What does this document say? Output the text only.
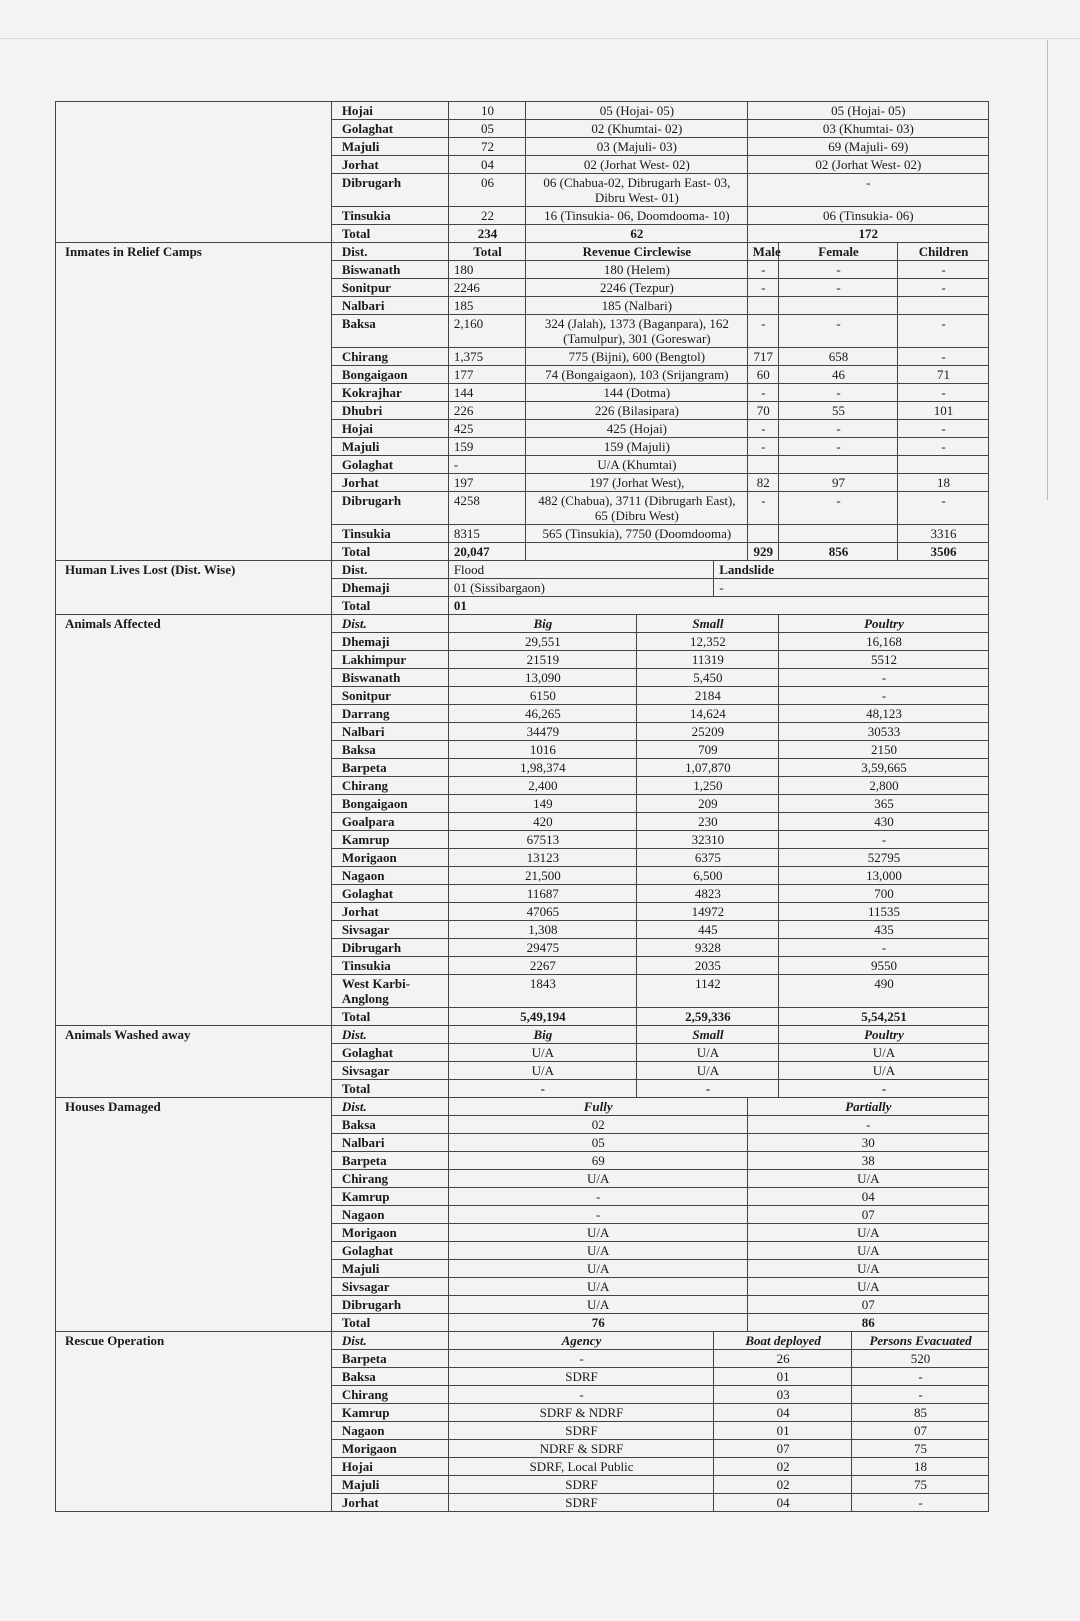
	Hojai	10	05 (Hojai- 05)			05 (Hojai- 05)			
	Golaghat	05	02 (Khumtai- 02)			03 (Khumtai- 03)			
	Majuli	72	03 (Majuli- 03)			69 (Majuli- 69)			
	Jorhat	04	02 (Jorhat West- 02)			02 (Jorhat West- 02)			
	Dibrugarh	06	06 (Chabua-02, Dibrugarh East- 03, Dibru West- 01)			-			
	Tinsukia	22	16 (Tinsukia- 06, Doomdooma- 10)			06 (Tinsukia- 06)			
	Total	234	62			172			
Inmates in Relief Camps	Dist.	Total	Revenue Circlewise			Male	Female		Children
	Biswanath	180	180 (Helem)			-	-		-
	Sonitpur	2246	2246 (Tezpur)			-	-		-
	Nalbari	185	185 (Nalbari)						
	Baksa	2,160	324 (Jalah), 1373 (Baganpara), 162 (Tamulpur), 301 (Goreswar)			-	-		-
	Chirang	1,375	775 (Bijni), 600 (Bengtol)			717	658		-
	Bongaigaon	177	74 (Bongaigaon), 103 (Srijangram)			60	46		71
	Kokrajhar	144	144 (Dotma)			-	-		-
	Dhubri	226	226 (Bilasipara)			70	55		101
	Hojai	425	425 (Hojai)			-	-		-
	Majuli	159	159 (Majuli)			-	-		-
	Golaghat	-	U/A (Khumtai)						
	Jorhat	197	197 (Jorhat West),			82	97		18
	Dibrugarh	4258	482 (Chabua), 3711 (Dibrugarh East), 65 (Dibru West)			-	-		-
	Tinsukia	8315	565 (Tinsukia), 7750 (Doomdooma)						3316
	Total	20,047				929	856		3506
Human Lives Lost (Dist. Wise)	Dist.	Flood			Landslide				
	Dhemaji	01 (Sissibargaon)			-				
	Total	01							
Animals Affected	Dist.	Big		Small			Poultry		
	Dhemaji	29,551		12,352			16,168		
	Lakhimpur	21519		11319			5512		
	Biswanath	13,090		5,450			-		
	Sonitpur	6150		2184			-		
	Darrang	46,265		14,624			48,123		
	Nalbari	34479		25209			30533		
	Baksa	1016		709			2150		
	Barpeta	1,98,374		1,07,870			3,59,665		
	Chirang	2,400		1,250			2,800		
	Bongaigaon	149		209			365		
	Goalpara	420		230			430		
	Kamrup	67513		32310			-		
	Morigaon	13123		6375			52795		
	Nagaon	21,500		6,500			13,000		
	Golaghat	11687		4823			700		
	Jorhat	47065		14972			11535		
	Sivsagar	1,308		445			435		
	Dibrugarh	29475		9328			-		
	Tinsukia	2267		2035			9550		
	West Karbi-Anglong	1843		1142			490		
	Total	5,49,194		2,59,336			5,54,251		
Animals Washed away	Dist.	Big		Small			Poultry		
	Golaghat	U/A		U/A			U/A		
	Sivsagar	U/A		U/A			U/A		
	Total	-		-			-		
Houses Damaged	Dist.	Fully				Partially			
	Baksa	02				-			
	Nalbari	05				30			
	Barpeta	69				38			
	Chirang	U/A				U/A			
	Kamrup	-				04			
	Nagaon	-				07			
	Morigaon	U/A				U/A			
	Golaghat	U/A				U/A			
	Majuli	U/A				U/A			
	Sivsagar	U/A				U/A			
	Dibrugarh	U/A				07			
	Total	76				86			
Rescue Operation	Dist.	Agency			Boat deployed			Persons Evacuated	
	Barpeta	-			26			520	
	Baksa	SDRF			01			-	
	Chirang	-			03			-	
	Kamrup	SDRF & NDRF			04			85	
	Nagaon	SDRF			01			07	
	Morigaon	NDRF & SDRF			07			75	
	Hojai	SDRF, Local Public			02			18	
	Majuli	SDRF			02			75	
	Jorhat	SDRF			04			-	
